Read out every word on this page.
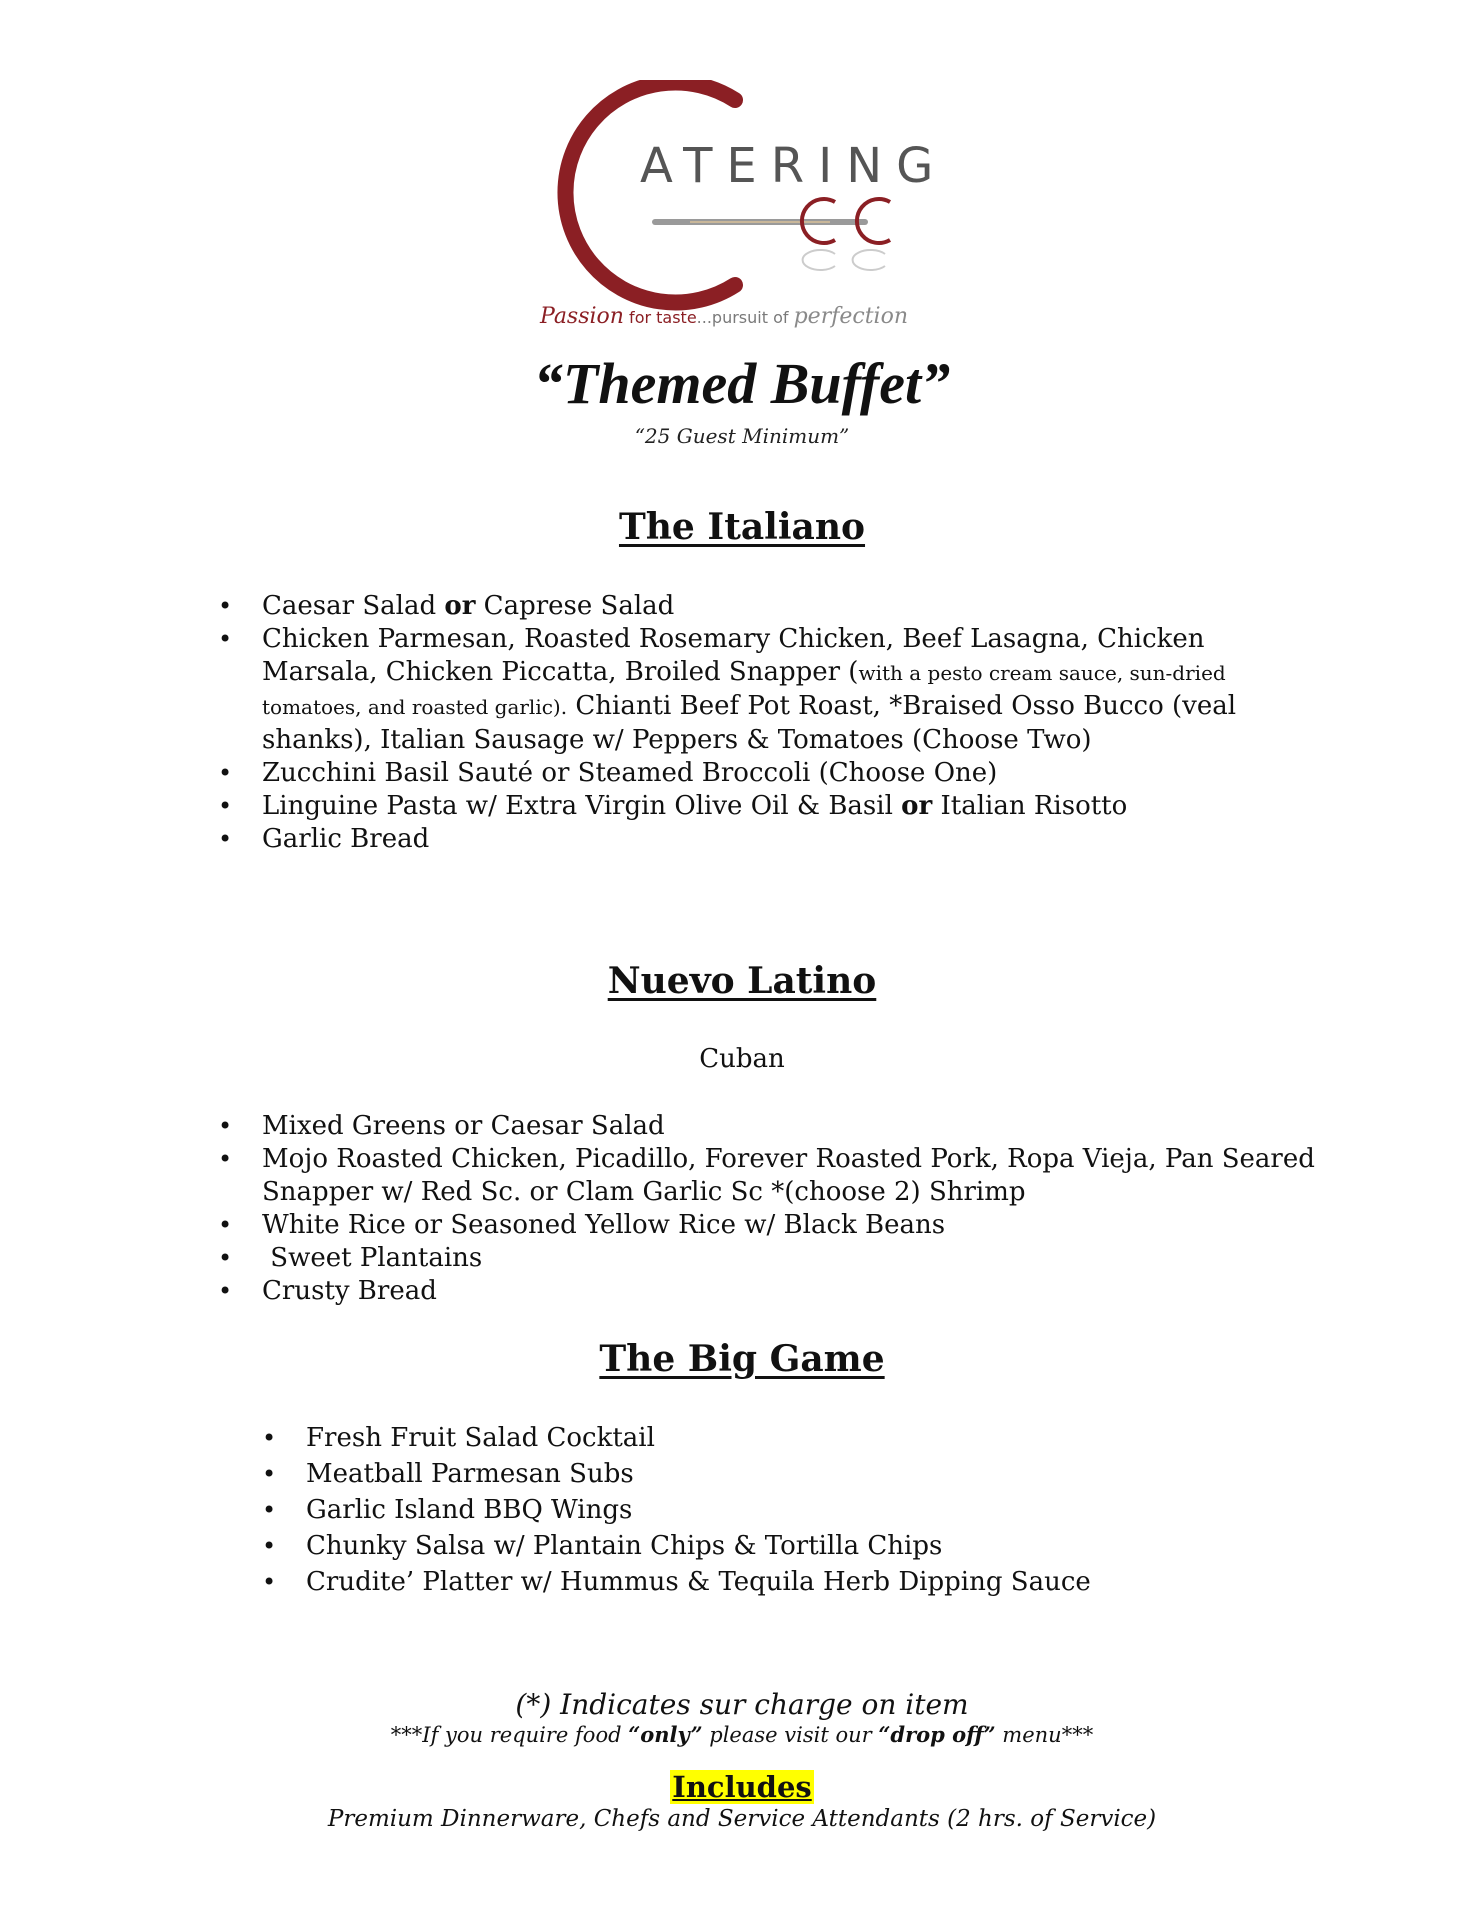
ATERING
Passion for taste...pursuit of perfection
“Themed Buffet”
“25 Guest Minimum”
The Italiano
• Caesar Salad or Caprese Salad
• Chicken Parmesan, Roasted Rosemary Chicken, Beef Lasagna, Chicken Marsala, Chicken Piccatta, Broiled Snapper (with a pesto cream sauce, sun-dried tomatoes, and roasted garlic). Chianti Beef Pot Roast, *Braised Osso Bucco (veal shanks), Italian Sausage w/ Peppers & Tomatoes (Choose Two)
• Zucchini Basil Sauté or Steamed Broccoli (Choose One)
• Linguine Pasta w/ Extra Virgin Olive Oil & Basil or Italian Risotto
• Garlic Bread
Nuevo Latino
Cuban
• Mixed Greens or Caesar Salad
• Mojo Roasted Chicken, Picadillo, Forever Roasted Pork, Ropa Vieja, Pan Seared Snapper w/ Red Sc. or Clam Garlic Sc *(choose 2) Shrimp
• White Rice or Seasoned Yellow Rice w/ Black Beans
•  Sweet Plantains
• Crusty Bread
The Big Game
• Fresh Fruit Salad Cocktail
• Meatball Parmesan Subs
• Garlic Island BBQ Wings
• Chunky Salsa w/ Plantain Chips & Tortilla Chips
• Crudite’ Platter w/ Hummus & Tequila Herb Dipping Sauce
(*) Indicates sur charge on item
***If you require food “only” please visit our “drop off” menu***
Includes
Premium Dinnerware, Chefs and Service Attendants (2 hrs. of Service)
